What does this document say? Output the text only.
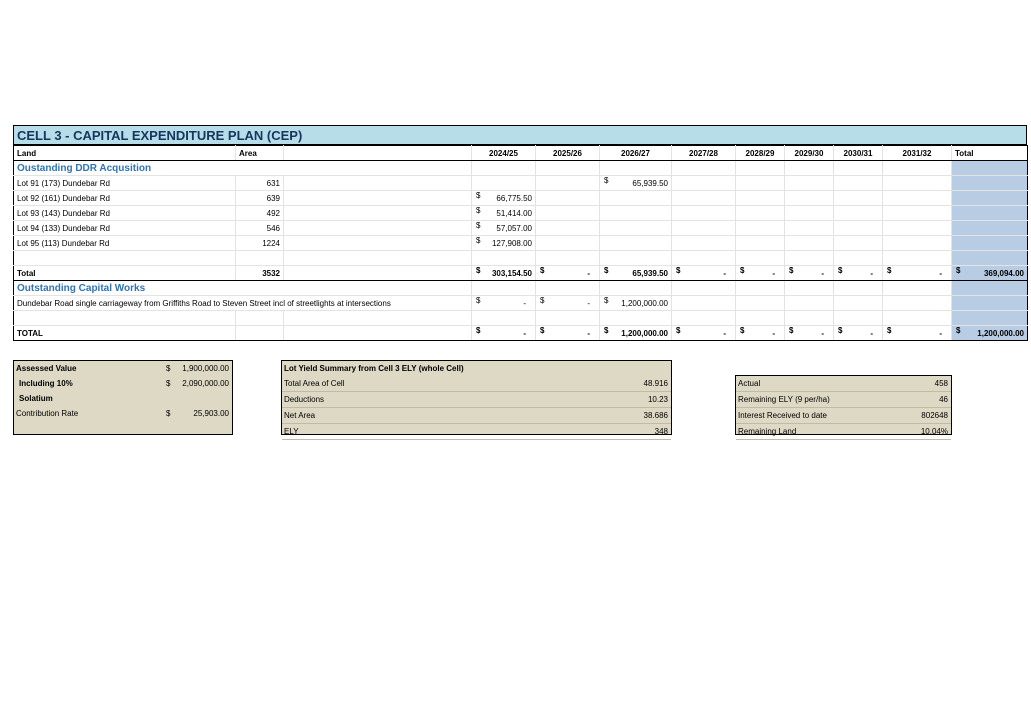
CELL 3 - CAPITAL EXPENDITURE PLAN (CEP)
Land	Area		2024/25	2025/26	2026/27	2027/28	2028/29	2029/30	2030/31	2031/32	Total
Oustanding DDR Acqusition											
Lot 91 (173) Dundebar Rd	631				$ 65,939.50						

Lot 92 (161) Dundebar Rd	639		$ 66,775.50								

Lot 93 (143) Dundebar Rd	492		$ 51,414.00								

Lot 94 (133) Dundebar Rd	546		$ 57,057.00								

Lot 95 (113) Dundebar Rd	1224		$ 127,908.00								

Total	3532		$ 303,154.50	$ -	$ 65,939.50	$ -	$ -	$ -	$ -	$ -	$ 369,094.00

Outstanding Capital Works											
Dundebar Road single carriageway from Griffiths Road to Steven Street incl of streetlights at intersections			$ -	$ -	$ 1,200,000.00						

TOTAL			$ -	$ -	$ 1,200,000.00	$ -	$ -	$ -	$ -	$ -	$ 1,200,000.00
Assessed Value	$ 1,900,000.00
Including 10%	$ 2,090,000.00
Solatium
Contribution Rate	$	25,903.00
Lot Yield Summary from Cell 3 ELY (whole Cell)
Total Area of Cell	48.916
Deductions	10.23
Net Area	38.686
ELY	348
Actual	458
Remaining ELY (9 per/ha)	46
Interest Received to date	802648
Remaining Land	10.04%
